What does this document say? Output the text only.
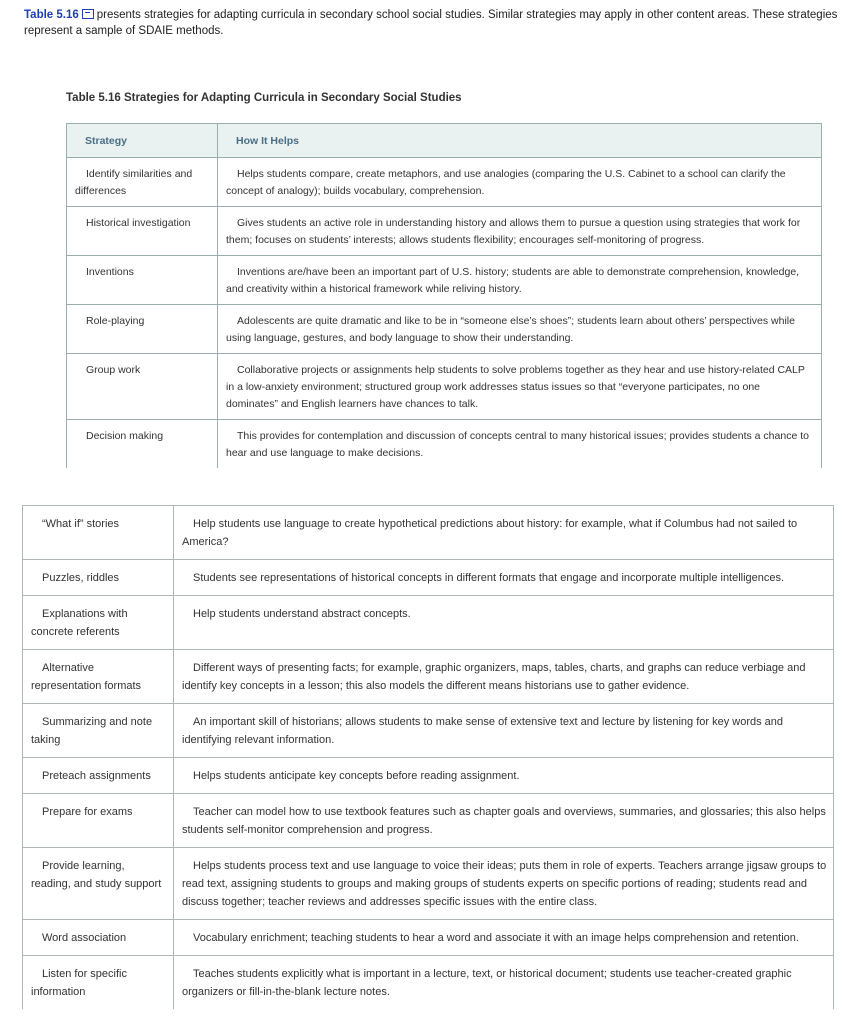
Table 5.16 presents strategies for adapting curricula in secondary school social studies. Similar strategies may apply in other content areas. These strategies
represent a sample of SDAIE methods.
Table 5.16 Strategies for Adapting Curricula in Secondary Social Studies
Strategy	How It Helps
Identify similarities and differences	Helps students compare, create metaphors, and use analogies (comparing the U.S. Cabinet to a school can clarify the concept of analogy); builds vocabulary, comprehension.
Historical investigation	Gives students an active role in understanding history and allows them to pursue a question using strategies that work for them; focuses on students’ interests; allows students flexibility; encourages self-monitoring of progress.
Inventions	Inventions are/have been an important part of U.S. history; students are able to demonstrate comprehension, knowledge, and creativity within a historical framework while reliving history.
Role-playing	Adolescents are quite dramatic and like to be in “someone else’s shoes”; students learn about others’ perspectives while using language, gestures, and body language to show their understanding.
Group work	Collaborative projects or assignments help students to solve problems together as they hear and use history-related CALP in a low-anxiety environment; structured group work addresses status issues so that “everyone participates, no one dominates” and English learners have chances to talk.
Decision making	This provides for contemplation and discussion of concepts central to many historical issues; provides students a chance to hear and use language to make decisions.
“What if” stories	Help students use language to create hypothetical predictions about history: for example, what if Columbus had not sailed to America?
Puzzles, riddles	Students see representations of historical concepts in different formats that engage and incorporate multiple intelligences.
Explanations with concrete referents	Help students understand abstract concepts.
Alternative representation formats	Different ways of presenting facts; for example, graphic organizers, maps, tables, charts, and graphs can reduce verbiage and identify key concepts in a lesson; this also models the different means historians use to gather evidence.
Summarizing and note taking	An important skill of historians; allows students to make sense of extensive text and lecture by listening for key words and identifying relevant information.
Preteach assignments	Helps students anticipate key concepts before reading assignment.
Prepare for exams	Teacher can model how to use textbook features such as chapter goals and overviews, summaries, and glossaries; this also helps students self-monitor comprehension and progress.
Provide learning, reading, and study support	Helps students process text and use language to voice their ideas; puts them in role of experts. Teachers arrange jigsaw groups to read text, assigning students to groups and making groups of students experts on specific portions of reading; students read and discuss together; teacher reviews and addresses specific issues with the entire class.
Word association	Vocabulary enrichment; teaching students to hear a word and associate it with an image helps comprehension and retention.
Listen for specific information	Teaches students explicitly what is important in a lecture, text, or historical document; students use teacher-created graphic organizers or fill-in-the-blank lecture notes.
